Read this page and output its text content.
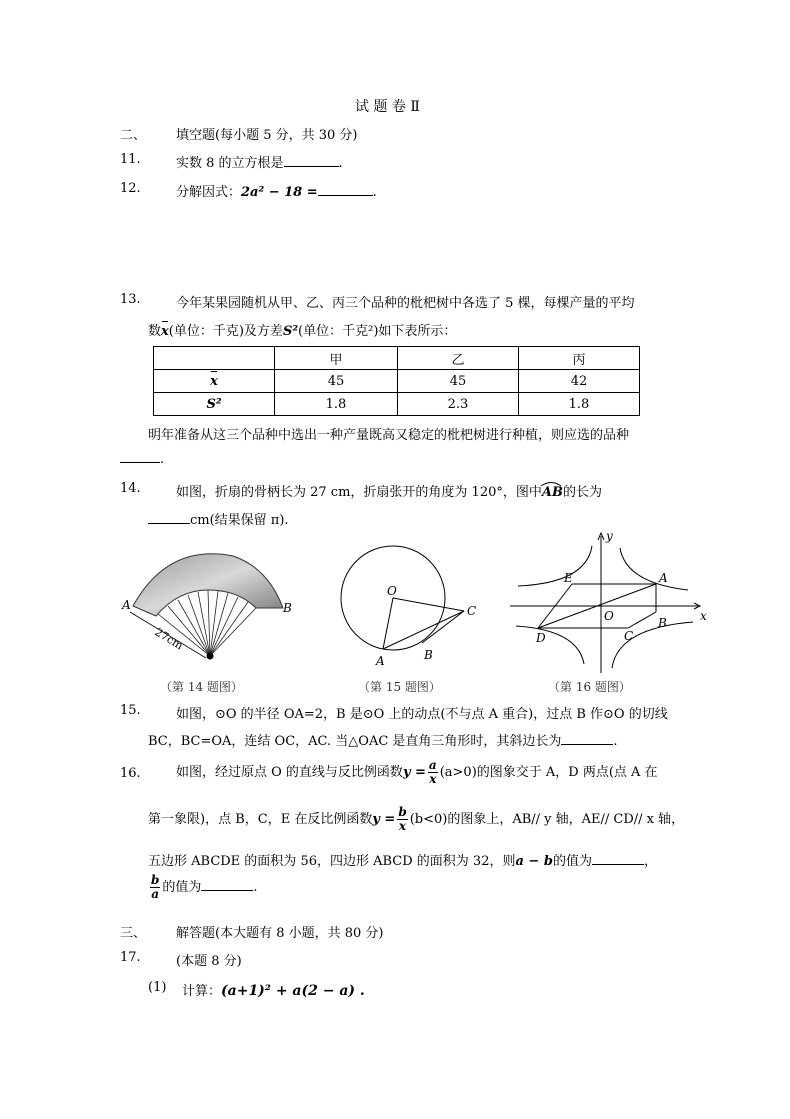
试 题 卷 Ⅱ
二、 填空题(每小题 5 分，共 30 分)
11.	实数 8 的立方根是	.
12.	分解因式：2a² − 18 =	.
13.	今年某果园随机从甲、乙、丙三个品种的枇杷树中各选了 5 棵，每棵产量的平均
数x(单位：千克)及方差S²(单位：千克²)如下表所示：
	甲	乙	丙
x	45	45	42
S²	1.8	2.3	1.8
明年准备从这三个品种中选出一种产量既高又稳定的枇杷树进行种植，则应选的品种
.
14.	如图，折扇的骨柄长为 27 cm，折扇张开的角度为 120°，图中AB
的长为
cm(结果保留 π).
A	B
27cm
（第 14 题图）
O
A	B
C
（第 15 题图）
y
x
O
A
B
C
D
E
（第 16 题图）
15.	如图，⊙O 的半径 OA=2，B 是⊙O 上的动点(不与点 A 重合)，过点 B 作⊙O 的切线
BC，BC=OA，连结 OC，AC. 当△OAC 是直角三角形时，其斜边长为	.
16.	如图，经过原点 O 的直线与反比例函数$y = \frac{a}{x} (a>0)$的图象交于 A，D 两点(点 A 在
第一象限)，点 B，C，E 在反比例函数$y = \frac{b}{x} (b<0)$的图象上，AB// y 轴，AE// CD// x 轴，
五边形 ABCDE 的面积为 56，四边形 ABCD 的面积为 32，则a − b的值为	，
$\frac{b}{a}$ 的值为	.
三、 解答题(本大题有 8 小题，共 80 分)
17.	(本题 8 分)
(1) 计算：(a+1)² + a(2 − a) .
